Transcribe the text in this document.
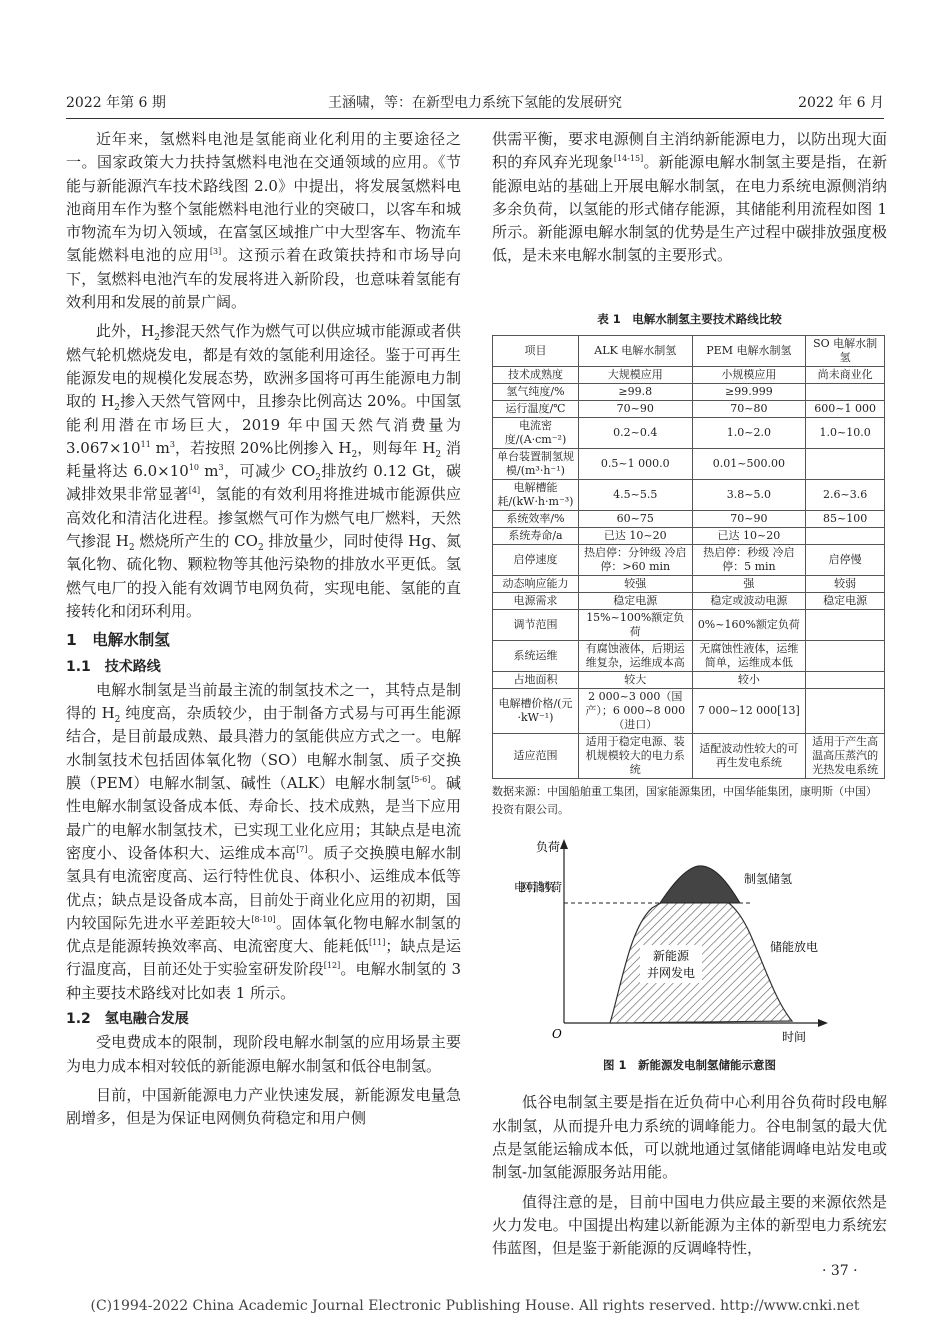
2022 年第 6 期	王涵啸，等：在新型电力系统下氢能的发展研究	2022 年 6 月

近年来，氢燃料电池是氢能商业化利用的主要途径之一。国家政策大力扶持氢燃料电池在交通领域的应用。《节能与新能源汽车技术路线图 2.0》中提出，将发展氢燃料电池商用车作为整个氢能燃料电池行业的突破口，以客车和城市物流车为切入领域，在富氢区域推广中大型客车、物流车氢能燃料电池的应用[3]。这预示着在政策扶持和市场导向下，氢燃料电池汽车的发展将进入新阶段，也意味着氢能有效利用和发展的前景广阔。

此外，$H_2$掺混天然气作为燃气可以供应城市能源或者供燃气轮机燃烧发电，都是有效的氢能利用途径。鉴于可再生能源发电的规模化发展态势，欧洲多国将可再生能源电力制取的 $H_2$掺入天然气管网中，且掺杂比例高达 20%。中国氢能利用潜在市场巨大，2019 年中国天然气消费量为 $3.067\times 10^{11}$ $m^3$，若按照 20%比例掺入 $H_2$，则每年 $H_2$ 消耗量将达 $6.0\times 10^{10}$ $m^3$，可减少 $CO_2$排放约 0.12 Gt，碳减排效果非常显著[4]，氢能的有效利用将推进城市能源供应高效化和清洁化进程。掺氢燃气可作为燃气电厂燃料，天然气掺混 $H_2$ 燃烧所产生的 $CO_2$ 排放量少，同时使得 Hg、氮氧化物、硫化物、颗粒物等其他污染物的排放水平更低。氢燃气电厂的投入能有效调节电网负荷，实现电能、氢能的直接转化和闭环利用。

1　电解水制氢

1.1　技术路线

电解水制氢是当前最主流的制氢技术之一，其特点是制得的 $H_2$ 纯度高，杂质较少，由于制备方式易与可再生能源结合，是目前最成熟、最具潜力的氢能供应方式之一。电解水制氢技术包括固体氧化物（SO）电解水制氢、质子交换膜（PEM）电解水制氢、碱性（ALK）电解水制氢[5-6]。碱性电解水制氢设备成本低、寿命长、技术成熟，是当下应用最广的电解水制氢技术，已实现工业化应用；其缺点是电流密度小、设备体积大、运维成本高[7]。质子交换膜电解水制氢具有电流密度高、运行特性优良、体积小、运维成本低等优点；缺点是设备成本高，目前处于商业化应用的初期，国内较国际先进水平差距较大[8-10]。固体氧化物电解水制氢的优点是能源转换效率高、电流密度大、能耗低[11]；缺点是运行温度高，目前还处于实验室研发阶段[12]。电解水制氢的 3 种主要技术路线对比如表 1 所示。

1.2　氢电融合发展

受电费成本的限制，现阶段电解水制氢的应用场景主要为电力成本相对较低的新能源电解水制氢和低谷电制氢。

目前，中国新能源电力产业快速发展，新能源发电量急剧增多，但是为保证电网侧负荷稳定和用户侧

供需平衡，要求电源侧自主消纳新能源电力，以防出现大面积的弃风弃光现象[14-15]。新能源电解水制氢主要是指，在新能源电站的基础上开展电解水制氢，在电力系统电源侧消纳多余负荷，以氢能的形式储存能源，其储能利用流程如图 1 所示。新能源电解水制氢的优势是生产过程中碳排放强度极低，是未来电解水制氢的主要形式。

表 1　电解水制氢主要技术路线比较
项目	ALK 电解水制氢	PEM 电解水制氢	SO 电解水制氢
技术成熟度	大规模应用	小规模应用	尚未商业化
氢气纯度/%	≥99.8	≥99.999	
运行温度/℃	70~90	70~80	600~1 000
电流密度/(A·cm⁻²)	0.2~0.4	1.0~2.0	1.0~10.0
单台装置制氢规模/(m³·h⁻¹)	0.5~1 000.0	0.01~500.00	
电解槽能耗/(kW·h·m⁻³)	4.5~5.5	3.8~5.0	2.6~3.6
系统效率/%	60~75	70~90	85~100
系统寿命/a	已达 10~20	已达 10~20	
启停速度	热启停：分钟级 冷启停：>60 min	热启停：秒级 冷启停：5 min	启停慢
动态响应能力	较强	强	较弱
电源需求	稳定电源	稳定或波动电源	稳定电源
调节范围	15%~100%额定负荷	0%~160%额定负荷	
系统运维	有腐蚀液体，后期运维复杂，运维成本高	无腐蚀性液体，运维简单，运维成本低	
占地面积	较大	较小	
电解槽价格/(元·kW⁻¹)	2 000~3 000（国产）；6 000~8 000（进口）	7 000~12 000[13]	
适应范围	适用于稳定电源、装机规模较大的电力系统	适配波动性较大的可再生发电系统	适用于产生高温高压蒸汽的光热发电系统
数据来源：中国船舶重工集团，国家能源集团，中国华能集团，康明斯（中国）投资有限公司。
负荷
时间
O
电网可消纳负荷
制氢储氢
储能放电
新能源
并网发电
图 1　新能源发电制氢储能示意图

低谷电制氢主要是指在近负荷中心利用谷负荷时段电解水制氢，从而提升电力系统的调峰能力。谷电制氢的最大优点是氢能运输成本低，可以就地通过氢储能调峰电站发电或制氢-加氢能源服务站用能。

值得注意的是，目前中国电力供应最主要的来源依然是火力发电。中国提出构建以新能源为主体的新型电力系统宏伟蓝图，但是鉴于新能源的反调峰特性，

· 37 ·
(C)1994-2022 China Academic Journal Electronic Publishing House. All rights reserved. http://www.cnki.net
